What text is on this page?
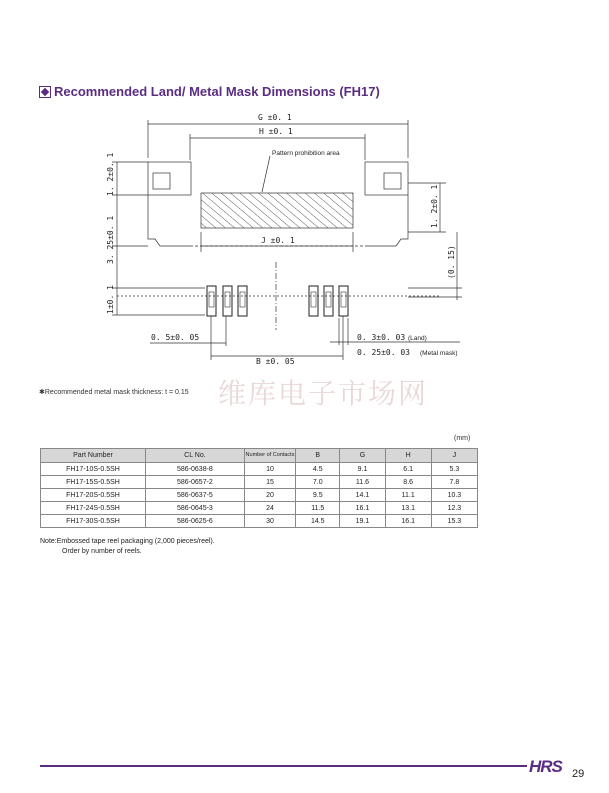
Recommended Land/ Metal Mask Dimensions (FH17)
G ±0. 1
H ±0. 1
Pattern prohibition area
J ±0. 1
1. 2±0. 1
3. 25±0. 1
1±0. 1
1. 2±0. 1
(0. 15)
0. 5±0. 05
B ±0. 05
0. 3±0. 03 (Land)
0. 25±0. 03 (Metal mask)
✱Recommended metal mask thickness: t = 0.15 维库电子市场网
(mm)
Part Number	CL No.	Number of Contacts	B	G	H	J
FH17-10S-0.5SH	586-0638-8	10	4.5	9.1	6.1	5.3
FH17-15S-0.5SH	586-0657-2	15	7.0	11.6	8.6	7.8
FH17-20S-0.5SH	586-0637-5	20	9.5	14.1	11.1	10.3
FH17-24S-0.5SH	586-0645-3	24	11.5	16.1	13.1	12.3
FH17-30S-0.5SH	586-0625-6	30	14.5	19.1	16.1	15.3
Note:Embossed tape reel packaging (2,000 pieces/reel).
Order by number of reels.
HRS 29
